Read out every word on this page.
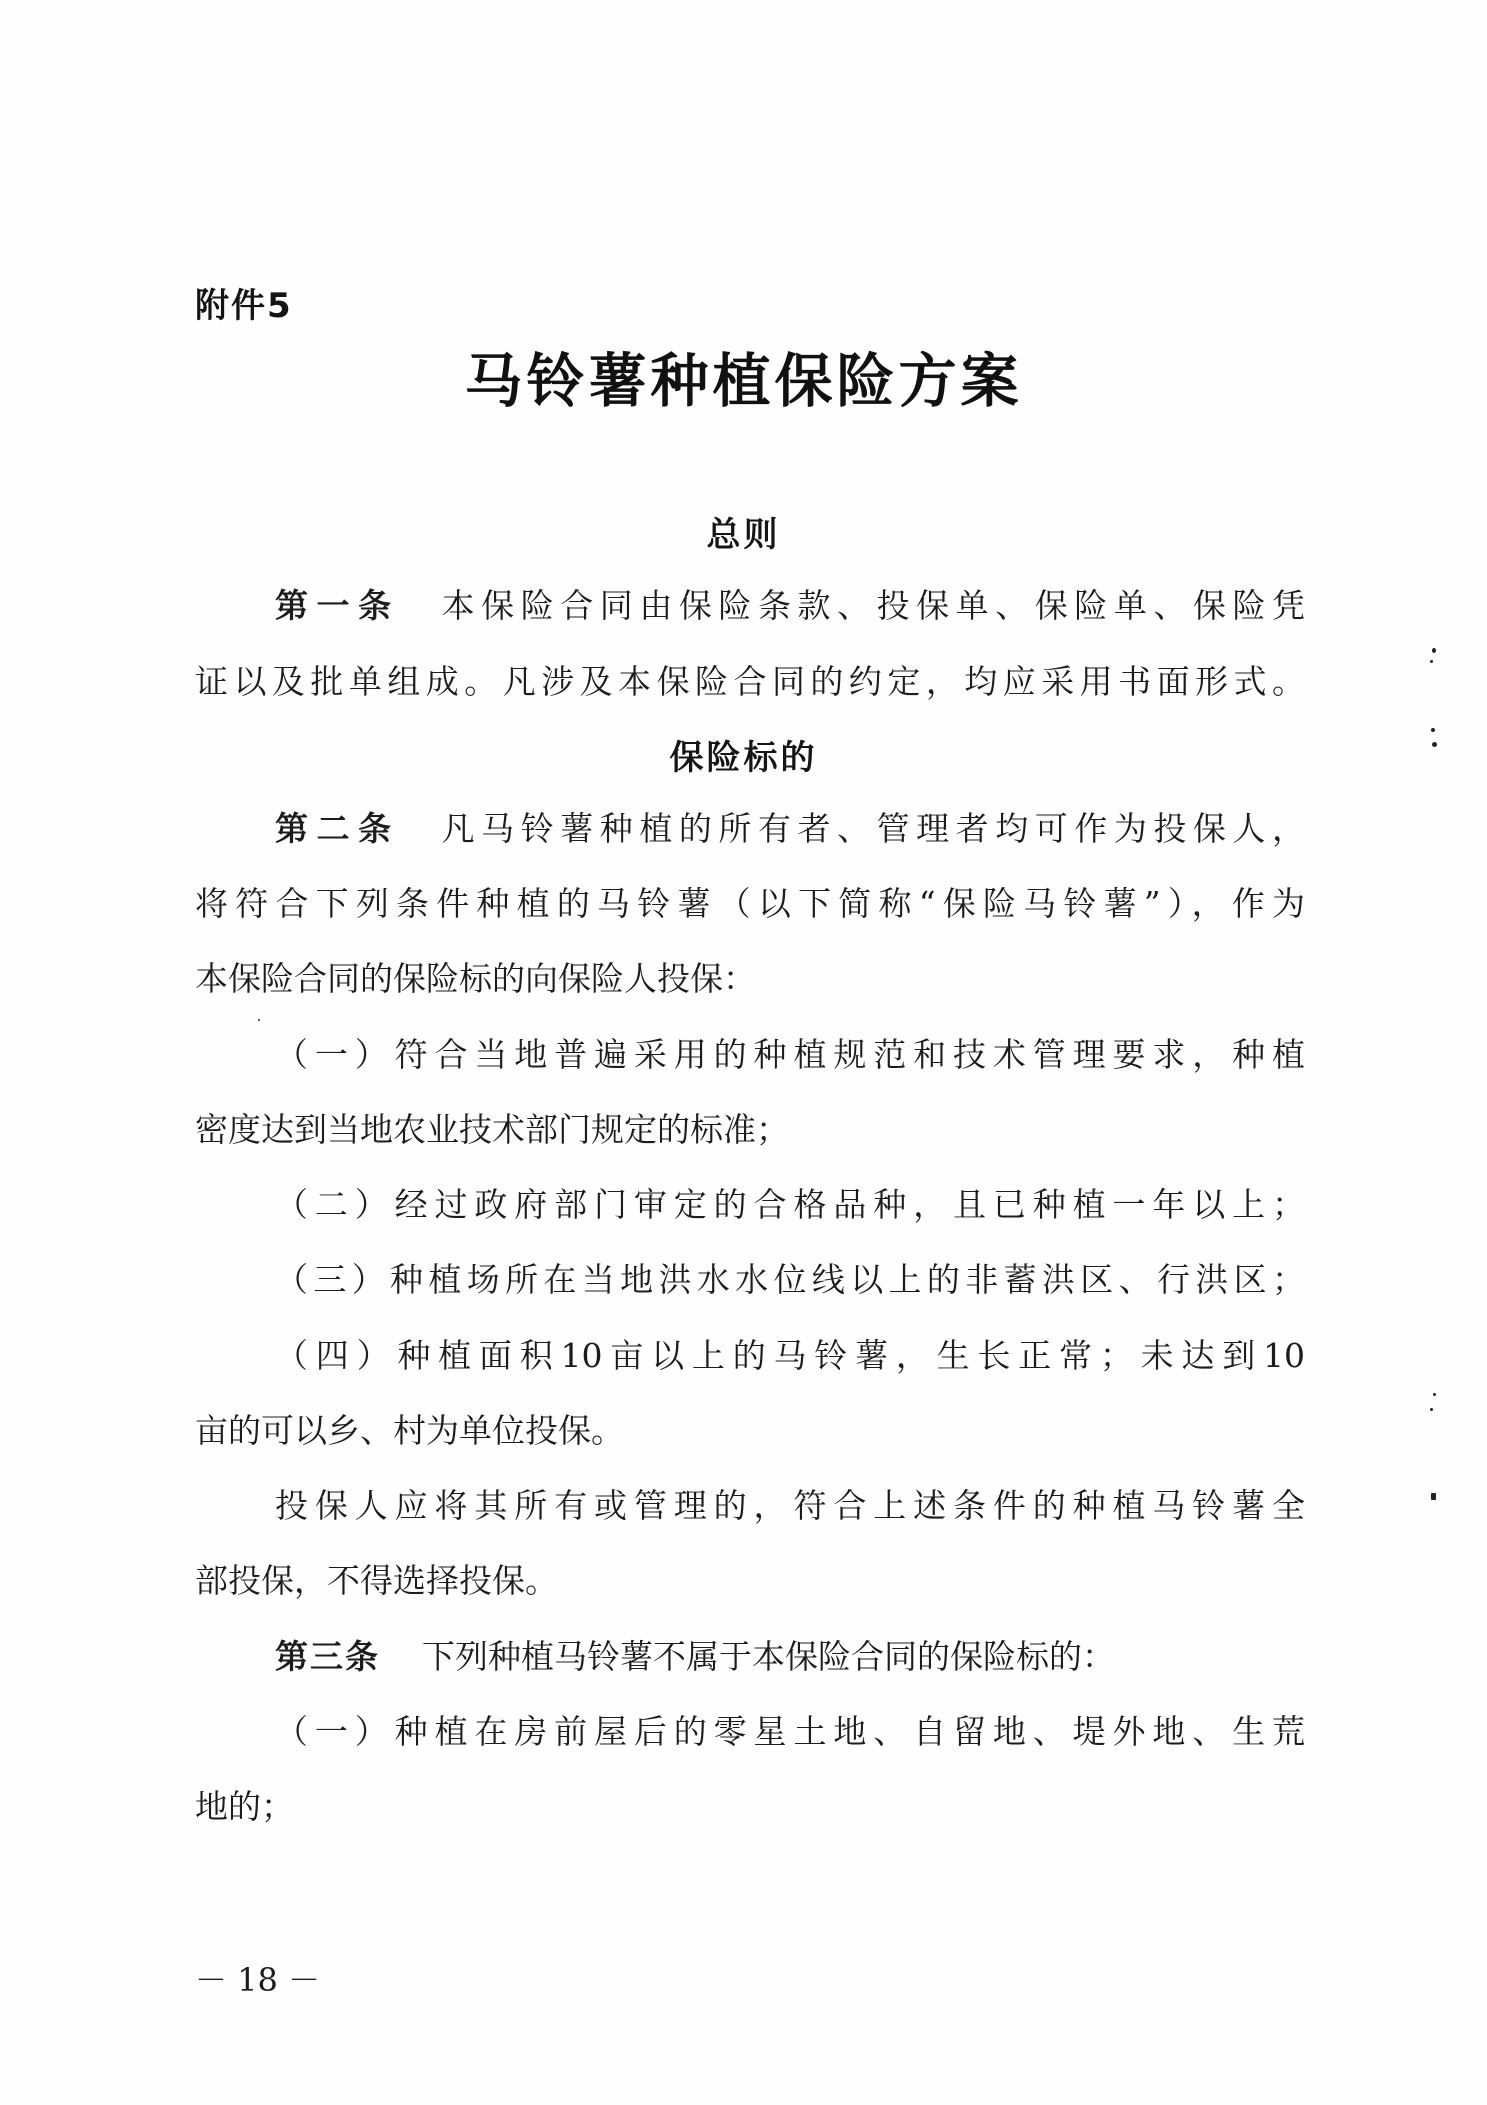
附件5
马铃薯种植保险方案
总则
第一条 本保险合同由保险条款、投保单、保险单、保险凭
证以及批单组成。凡涉及本保险合同的约定，均应采用书面形式。
保险标的
第二条 凡马铃薯种植的所有者、管理者均可作为投保人，
将符合下列条件种植的马铃薯（以下简称“保险马铃薯”），作为
本保险合同的保险标的向保险人投保：
（一）符合当地普遍采用的种植规范和技术管理要求，种植
密度达到当地农业技术部门规定的标准；
（二）经过政府部门审定的合格品种，且已种植一年以上；
（三）种植场所在当地洪水水位线以上的非蓄洪区、行洪区；
（四）种植面积10亩以上的马铃薯，生长正常；未达到10
亩的可以乡、村为单位投保。
投保人应将其所有或管理的，符合上述条件的种植马铃薯全
部投保，不得选择投保。
第三条 下列种植马铃薯不属于本保险合同的保险标的：
（一）种植在房前屋后的零星土地、自留地、堤外地、生荒
地的；
－ 18 －
